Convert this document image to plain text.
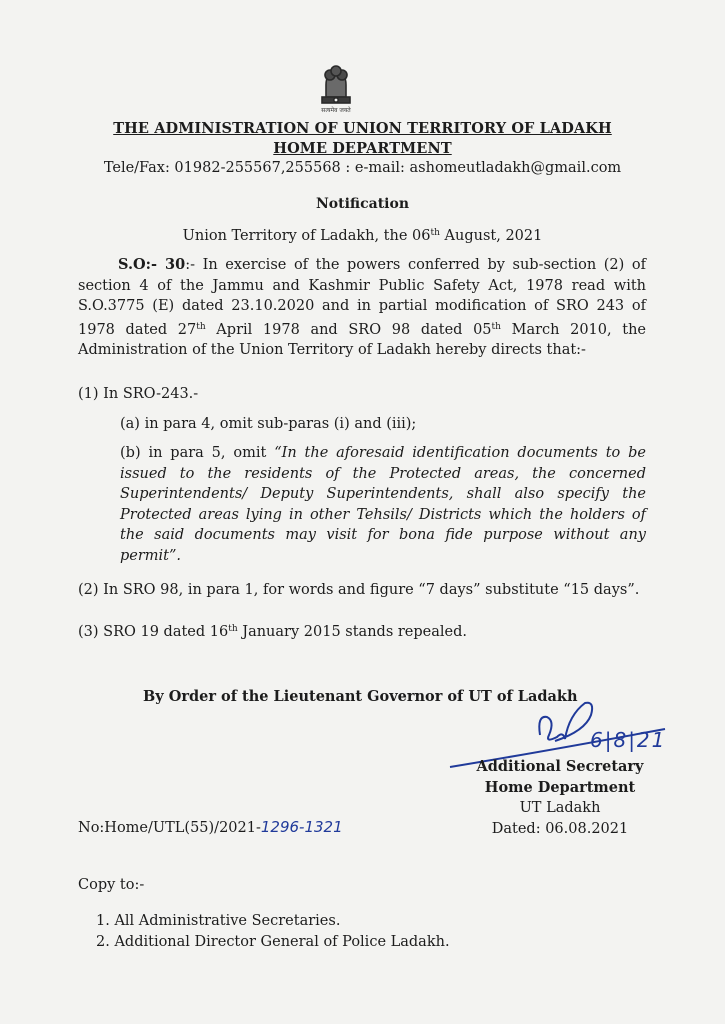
सत्यमेव जयते
THE ADMINISTRATION OF UNION TERRITORY OF LADAKH
HOME DEPARTMENT
Tele/Fax: 01982-255567,255568 : e-mail: ashomeutladakh@gmail.com
Notification
Union Territory of Ladakh, the 06th August, 2021
S.O:- 30:- In exercise of the powers conferred by sub-section (2) of section 4 of the Jammu and Kashmir Public Safety Act, 1978 read with S.O.3775 (E) dated 23.10.2020 and in partial modification of SRO 243 of 1978 dated 27th April 1978 and SRO 98 dated 05th March 2010, the Administration of the Union Territory of Ladakh hereby directs that:-
(1) In SRO-243.-
(a) in para 4, omit sub-paras (i) and (iii);
(b) in para 5, omit “In the aforesaid identification documents to be issued to the residents of the Protected areas, the concerned Superintendents/ Deputy Superintendents, shall also specify the Protected areas lying in other Tehsils/ Districts which the holders of the said documents may visit for bona fide purpose without any permit”.
(2) In SRO 98, in para 1, for words and figure “7 days” substitute “15 days”.
(3) SRO 19 dated 16th January 2015 stands repealed.
By Order of the Lieutenant Governor of UT of Ladakh
6|8|21
Additional Secretary
Home Department
UT Ladakh
Dated: 06.08.2021
No:Home/UTL(55)/2021-1296-1321
Copy to:-
1. All Administrative Secretaries.
2. Additional Director General of Police Ladakh.
